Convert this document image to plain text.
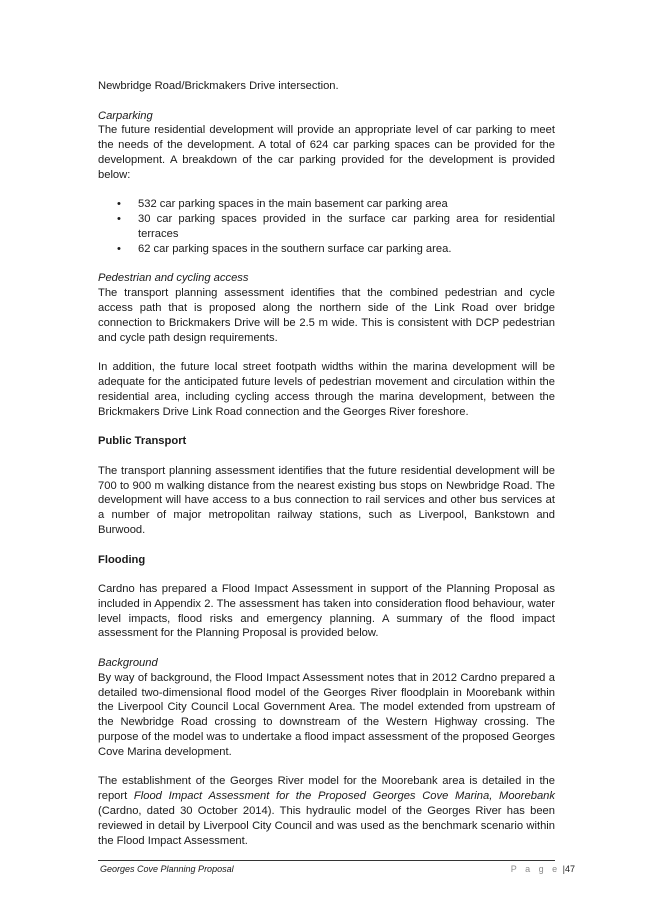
Newbridge Road/Brickmakers Drive intersection.

Carparking

The future residential development will provide an appropriate level of car parking to meet the needs of the development. A total of 624 car parking spaces can be provided for the development. A breakdown of the car parking provided for the development is provided below:

• 532 car parking spaces in the main basement car parking area
• 30 car parking spaces provided in the surface car parking area for residential terraces
• 62 car parking spaces in the southern surface car parking area.

Pedestrian and cycling access

The transport planning assessment identifies that the combined pedestrian and cycle access path that is proposed along the northern side of the Link Road over bridge connection to Brickmakers Drive will be 2.5 m wide. This is consistent with DCP pedestrian and cycle path design requirements.

In addition, the future local street footpath widths within the marina development will be adequate for the anticipated future levels of pedestrian movement and circulation within the residential area, including cycling access through the marina development, between the Brickmakers Drive Link Road connection and the Georges River foreshore.

Public Transport

The transport planning assessment identifies that the future residential development will be 700 to 900 m walking distance from the nearest existing bus stops on Newbridge Road. The development will have access to a bus connection to rail services and other bus services at a number of major metropolitan railway stations, such as Liverpool, Bankstown and Burwood.

Flooding

Cardno has prepared a Flood Impact Assessment in support of the Planning Proposal as included in Appendix 2. The assessment has taken into consideration flood behaviour, water level impacts, flood risks and emergency planning. A summary of the flood impact assessment for the Planning Proposal is provided below.

Background

By way of background, the Flood Impact Assessment notes that in 2012 Cardno prepared a detailed two-dimensional flood model of the Georges River floodplain in Moorebank within the Liverpool City Council Local Government Area. The model extended from upstream of the Newbridge Road crossing to downstream of the Western Highway crossing. The purpose of the model was to undertake a flood impact assessment of the proposed Georges Cove Marina development.

The establishment of the Georges River model for the Moorebank area is detailed in the report Flood Impact Assessment for the Proposed Georges Cove Marina, Moorebank (Cardno, dated 30 October 2014). This hydraulic model of the Georges River has been reviewed in detail by Liverpool City Council and was used as the benchmark scenario within the Flood Impact Assessment.

Georges Cove Planning Proposal	P a g e |47
